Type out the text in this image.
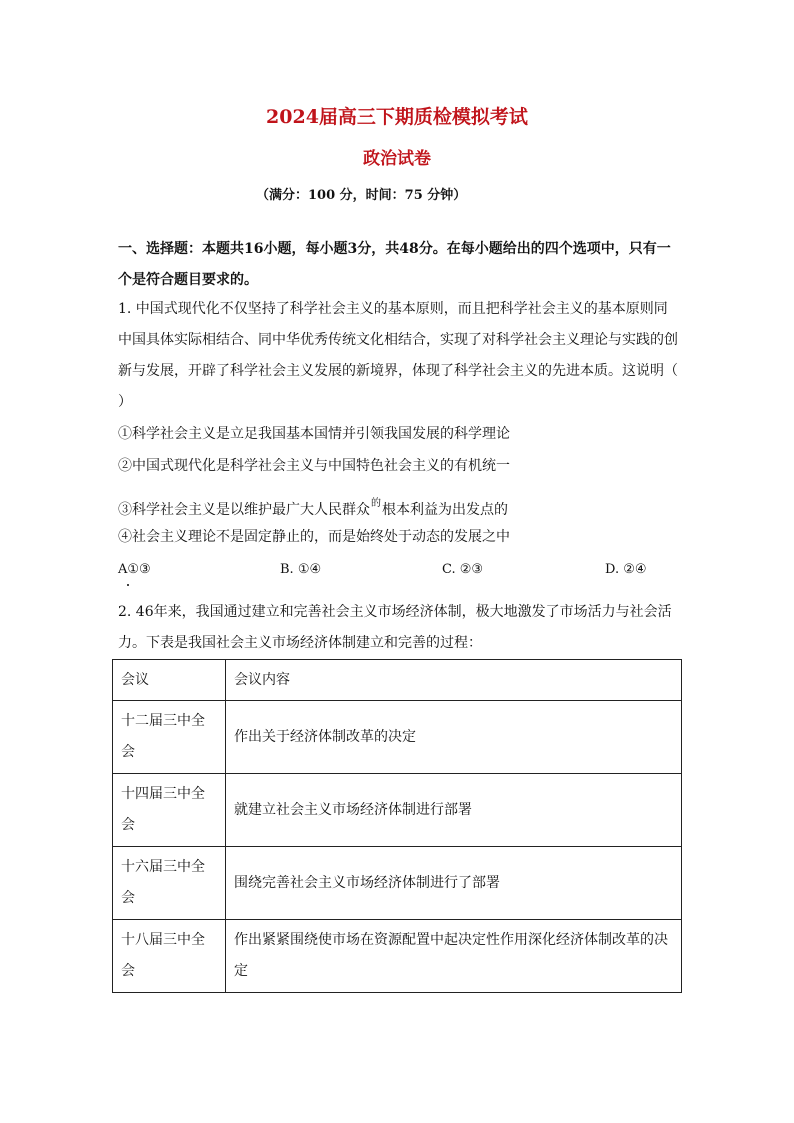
2024届高三下期质检模拟考试
政治试卷
（满分：100 分，时间：75 分钟）
一、选择题：本题共16小题，每小题3分，共48分。在每小题给出的四个选项中，只有一个是符合题目要求的。
1. 中国式现代化不仅坚持了科学社会主义的基本原则，而且把科学社会主义的基本原则同中国具体实际相结合、同中华优秀传统文化相结合，实现了对科学社会主义理论与实践的创新与发展，开辟了科学社会主义发展的新境界，体现了科学社会主义的先进本质。这说明（ ）
①科学社会主义是立足我国基本国情并引领我国发展的科学理论
②中国式现代化是科学社会主义与中国特色社会主义的有机统一
③科学社会主义是以维护最广大人民群众$^的$根本利益为出发点的
④社会主义理论不是固定静止的，而是始终处于动态的发展之中
A①③	B. ①④	C. ②③	D. ②④
2. 46年来，我国通过建立和完善社会主义市场经济体制，极大地激发了市场活力与社会活力。下表是我国社会主义市场经济体制建立和完善的过程：
会议	会议内容
十二届三中全会	作出关于经济体制改革的决定
十四届三中全会	就建立社会主义市场经济体制进行部署
十六届三中全会	围绕完善社会主义市场经济体制进行了部署
十八届三中全会	作出紧紧围绕使市场在资源配置中起决定性作用深化经济体制改革的决定
